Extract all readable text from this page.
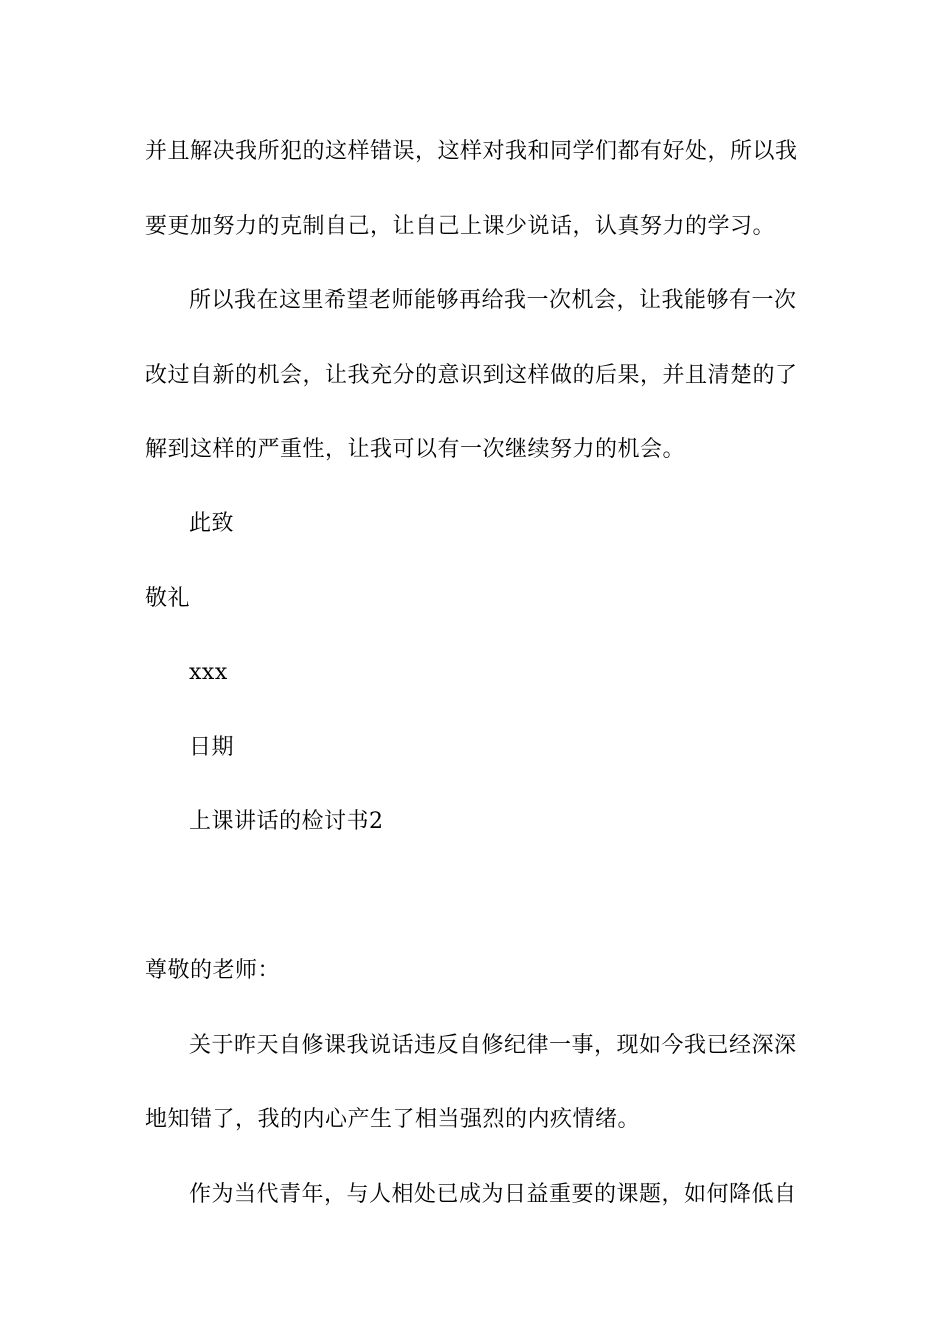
并且解决我所犯的这样错误，这样对我和同学们都有好处，所以我
要更加努力的克制自己，让自己上课少说话，认真努力的学习。
所以我在这里希望老师能够再给我一次机会，让我能够有一次
改过自新的机会，让我充分的意识到这样做的后果，并且清楚的了
解到这样的严重性，让我可以有一次继续努力的机会。
此致
敬礼
xxx
日期
上课讲话的检讨书2
尊敬的老师：
关于昨天自修课我说话违反自修纪律一事，现如今我已经深深
地知错了，我的内心产生了相当强烈的内疚情绪。
作为当代青年，与人相处已成为日益重要的课题，如何降低自
